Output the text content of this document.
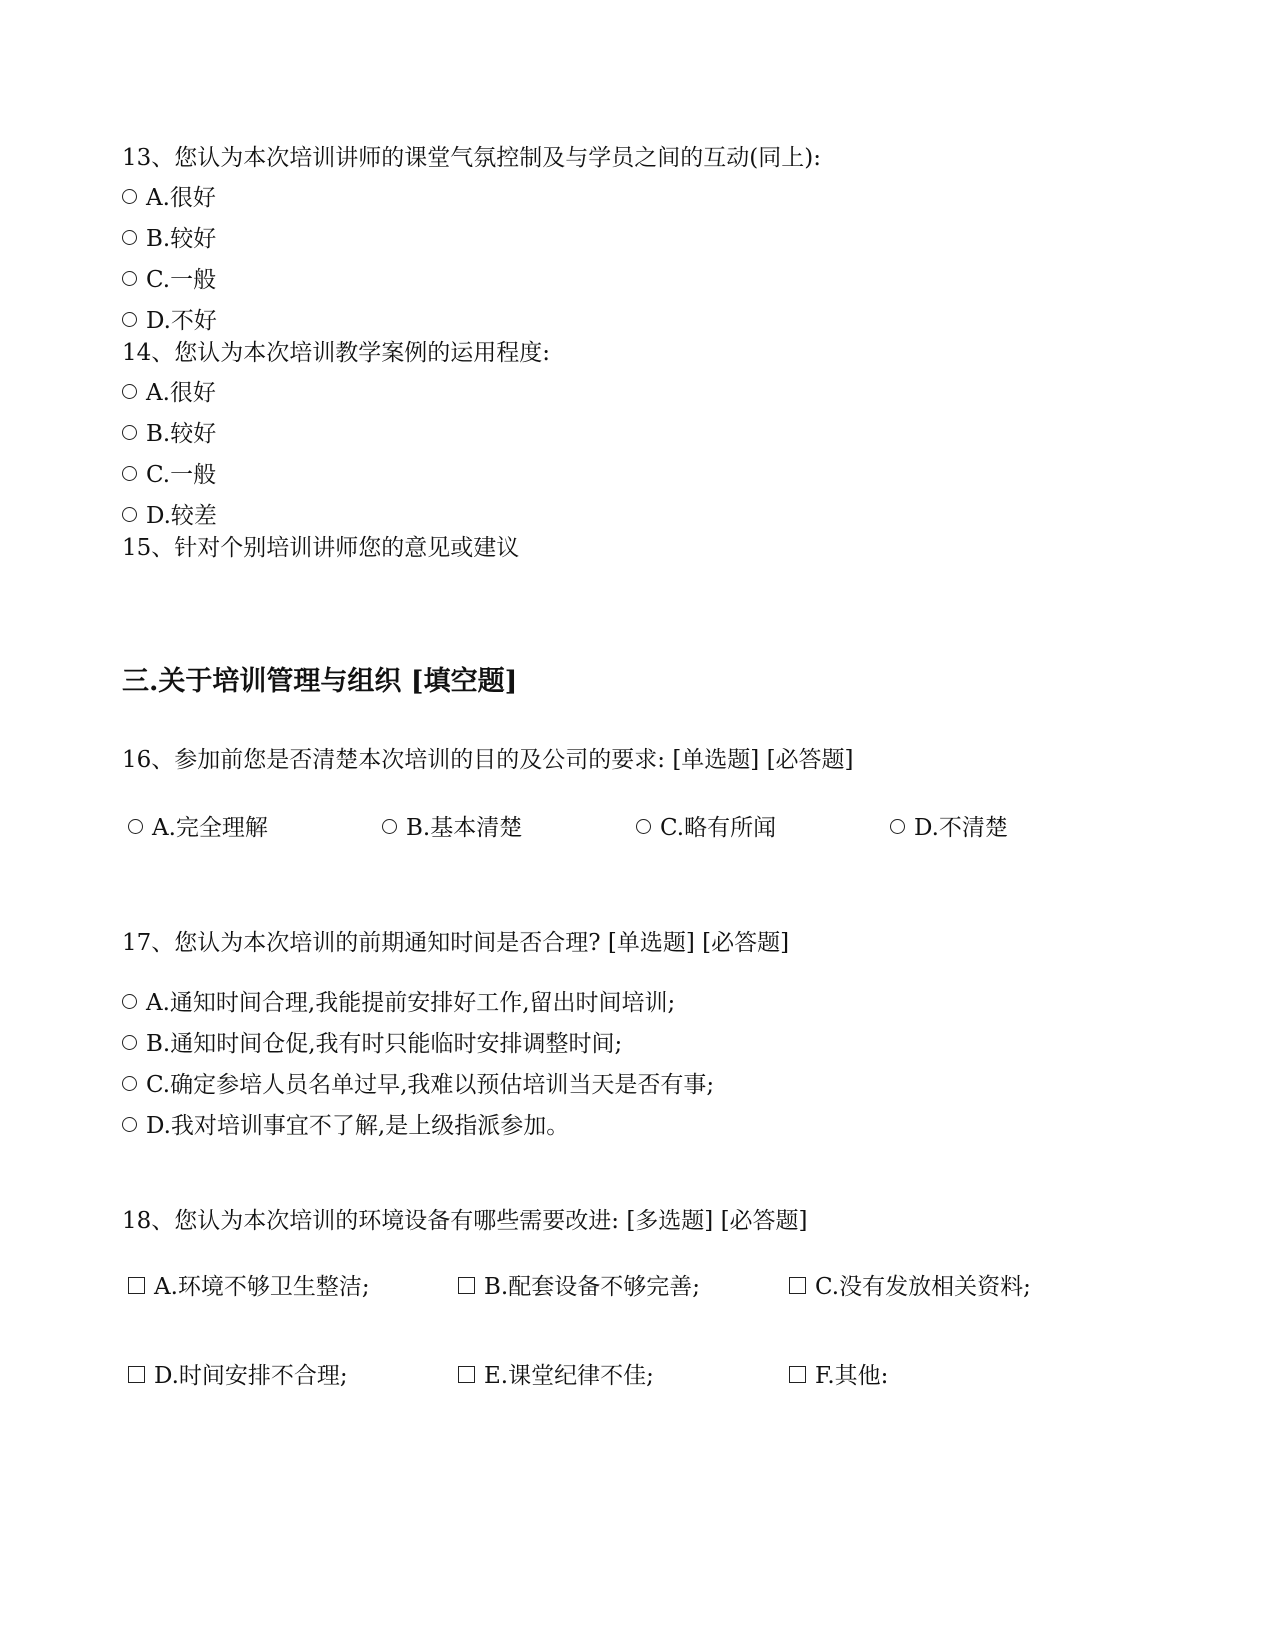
13、您认为本次培训讲师的课堂气氛控制及与学员之间的互动(同上):
A.很好
B.较好
C.一般
D.不好
14、您认为本次培训教学案例的运用程度:
A.很好
B.较好
C.一般
D.较差
15、针对个别培训讲师您的意见或建议
三.关于培训管理与组织 [填空题]
16、参加前您是否清楚本次培训的目的及公司的要求: [单选题] [必答题]
A.完全理解	B.基本清楚	C.略有所闻	D.不清楚
17、您认为本次培训的前期通知时间是否合理? [单选题] [必答题]
A.通知时间合理,我能提前安排好工作,留出时间培训;
B.通知时间仓促,我有时只能临时安排调整时间;
C.确定参培人员名单过早,我难以预估培训当天是否有事;
D.我对培训事宜不了解,是上级指派参加。
18、您认为本次培训的环境设备有哪些需要改进: [多选题] [必答题]
A.环境不够卫生整洁;	B.配套设备不够完善;	C.没有发放相关资料;
D.时间安排不合理;	E.课堂纪律不佳;	F.其他:
